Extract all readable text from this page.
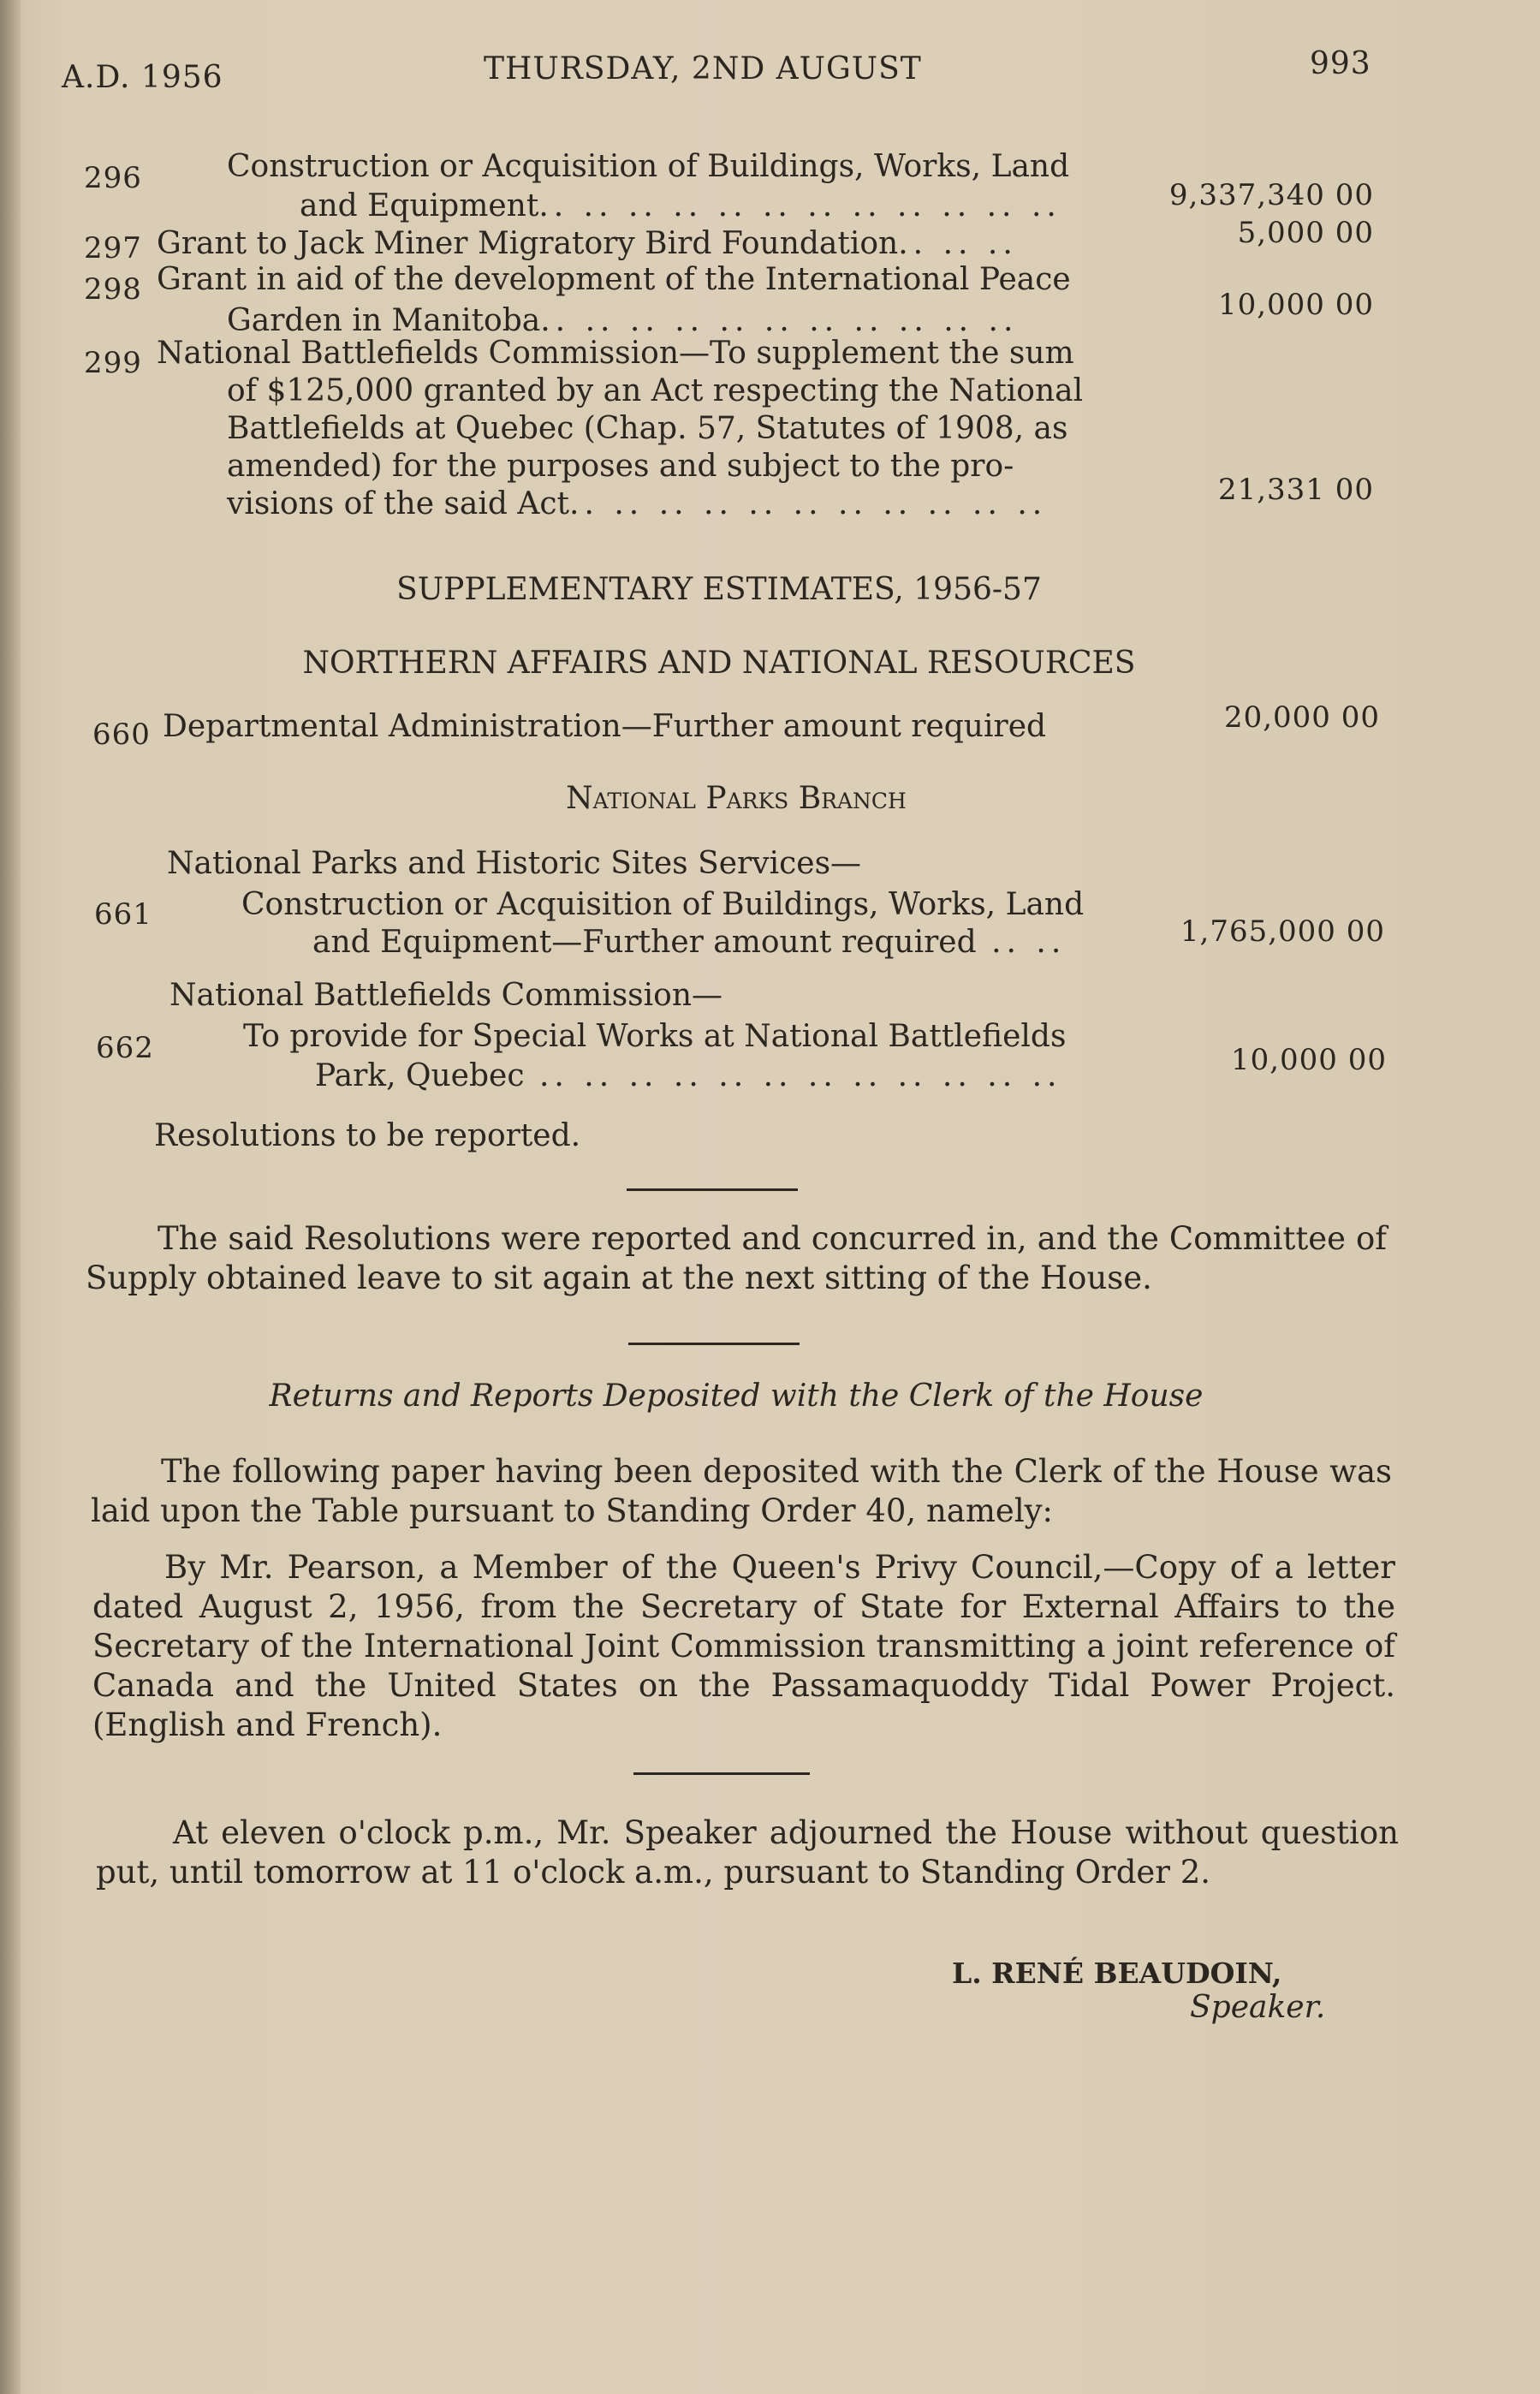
A.D. 1956	THURSDAY, 2ND AUGUST	993
296	Construction or Acquisition of Buildings, Works, Land
and Equipment.. .. .. .. .. .. .. .. .. .. .. ..	9,337,340 00
297 Grant to Jack Miner Migratory Bird Foundation.. .. ..	5,000 00
298 Grant in aid of the development of the International Peace
Garden in Manitoba.. .. .. .. .. .. .. .. .. .. ..	10,000 00
299 National Battlefields Commission—To supplement the sum
of $125,000 granted by an Act respecting the National
Battlefields at Quebec (Chap. 57, Statutes of 1908, as
amended) for the purposes and subject to the pro-
visions of the said Act.. .. .. .. .. .. .. .. .. .. ..	21,331 00
SUPPLEMENTARY ESTIMATES, 1956-57
NORTHERN AFFAIRS AND NATIONAL RESOURCES
660 Departmental Administration—Further amount required	20,000 00
National Parks Branch
National Parks and Historic Sites Services—
661	Construction or Acquisition of Buildings, Works, Land
and Equipment—Further amount required .. ..	1,765,000 00
National Battlefields Commission—
662	To provide for Special Works at National Battlefields
Park, Quebec .. .. .. .. .. .. .. .. .. .. .. ..	10,000 00
Resolutions to be reported.
The said Resolutions were reported and concurred in, and the Committee of Supply obtained leave to sit again at the next sitting of the House.
Returns and Reports Deposited with the Clerk of the House
The following paper having been deposited with the Clerk of the House was laid upon the Table pursuant to Standing Order 40, namely:
By Mr. Pearson, a Member of the Queen's Privy Council,—Copy of a letter dated August 2, 1956, from the Secretary of State for External Affairs to the Secretary of the International Joint Commission transmitting a joint reference of Canada and the United States on the Passamaquoddy Tidal Power Project. (English and French).
At eleven o'clock p.m., Mr. Speaker adjourned the House without question put, until tomorrow at 11 o'clock a.m., pursuant to Standing Order 2.
L. RENÉ BEAUDOIN,
Speaker.
